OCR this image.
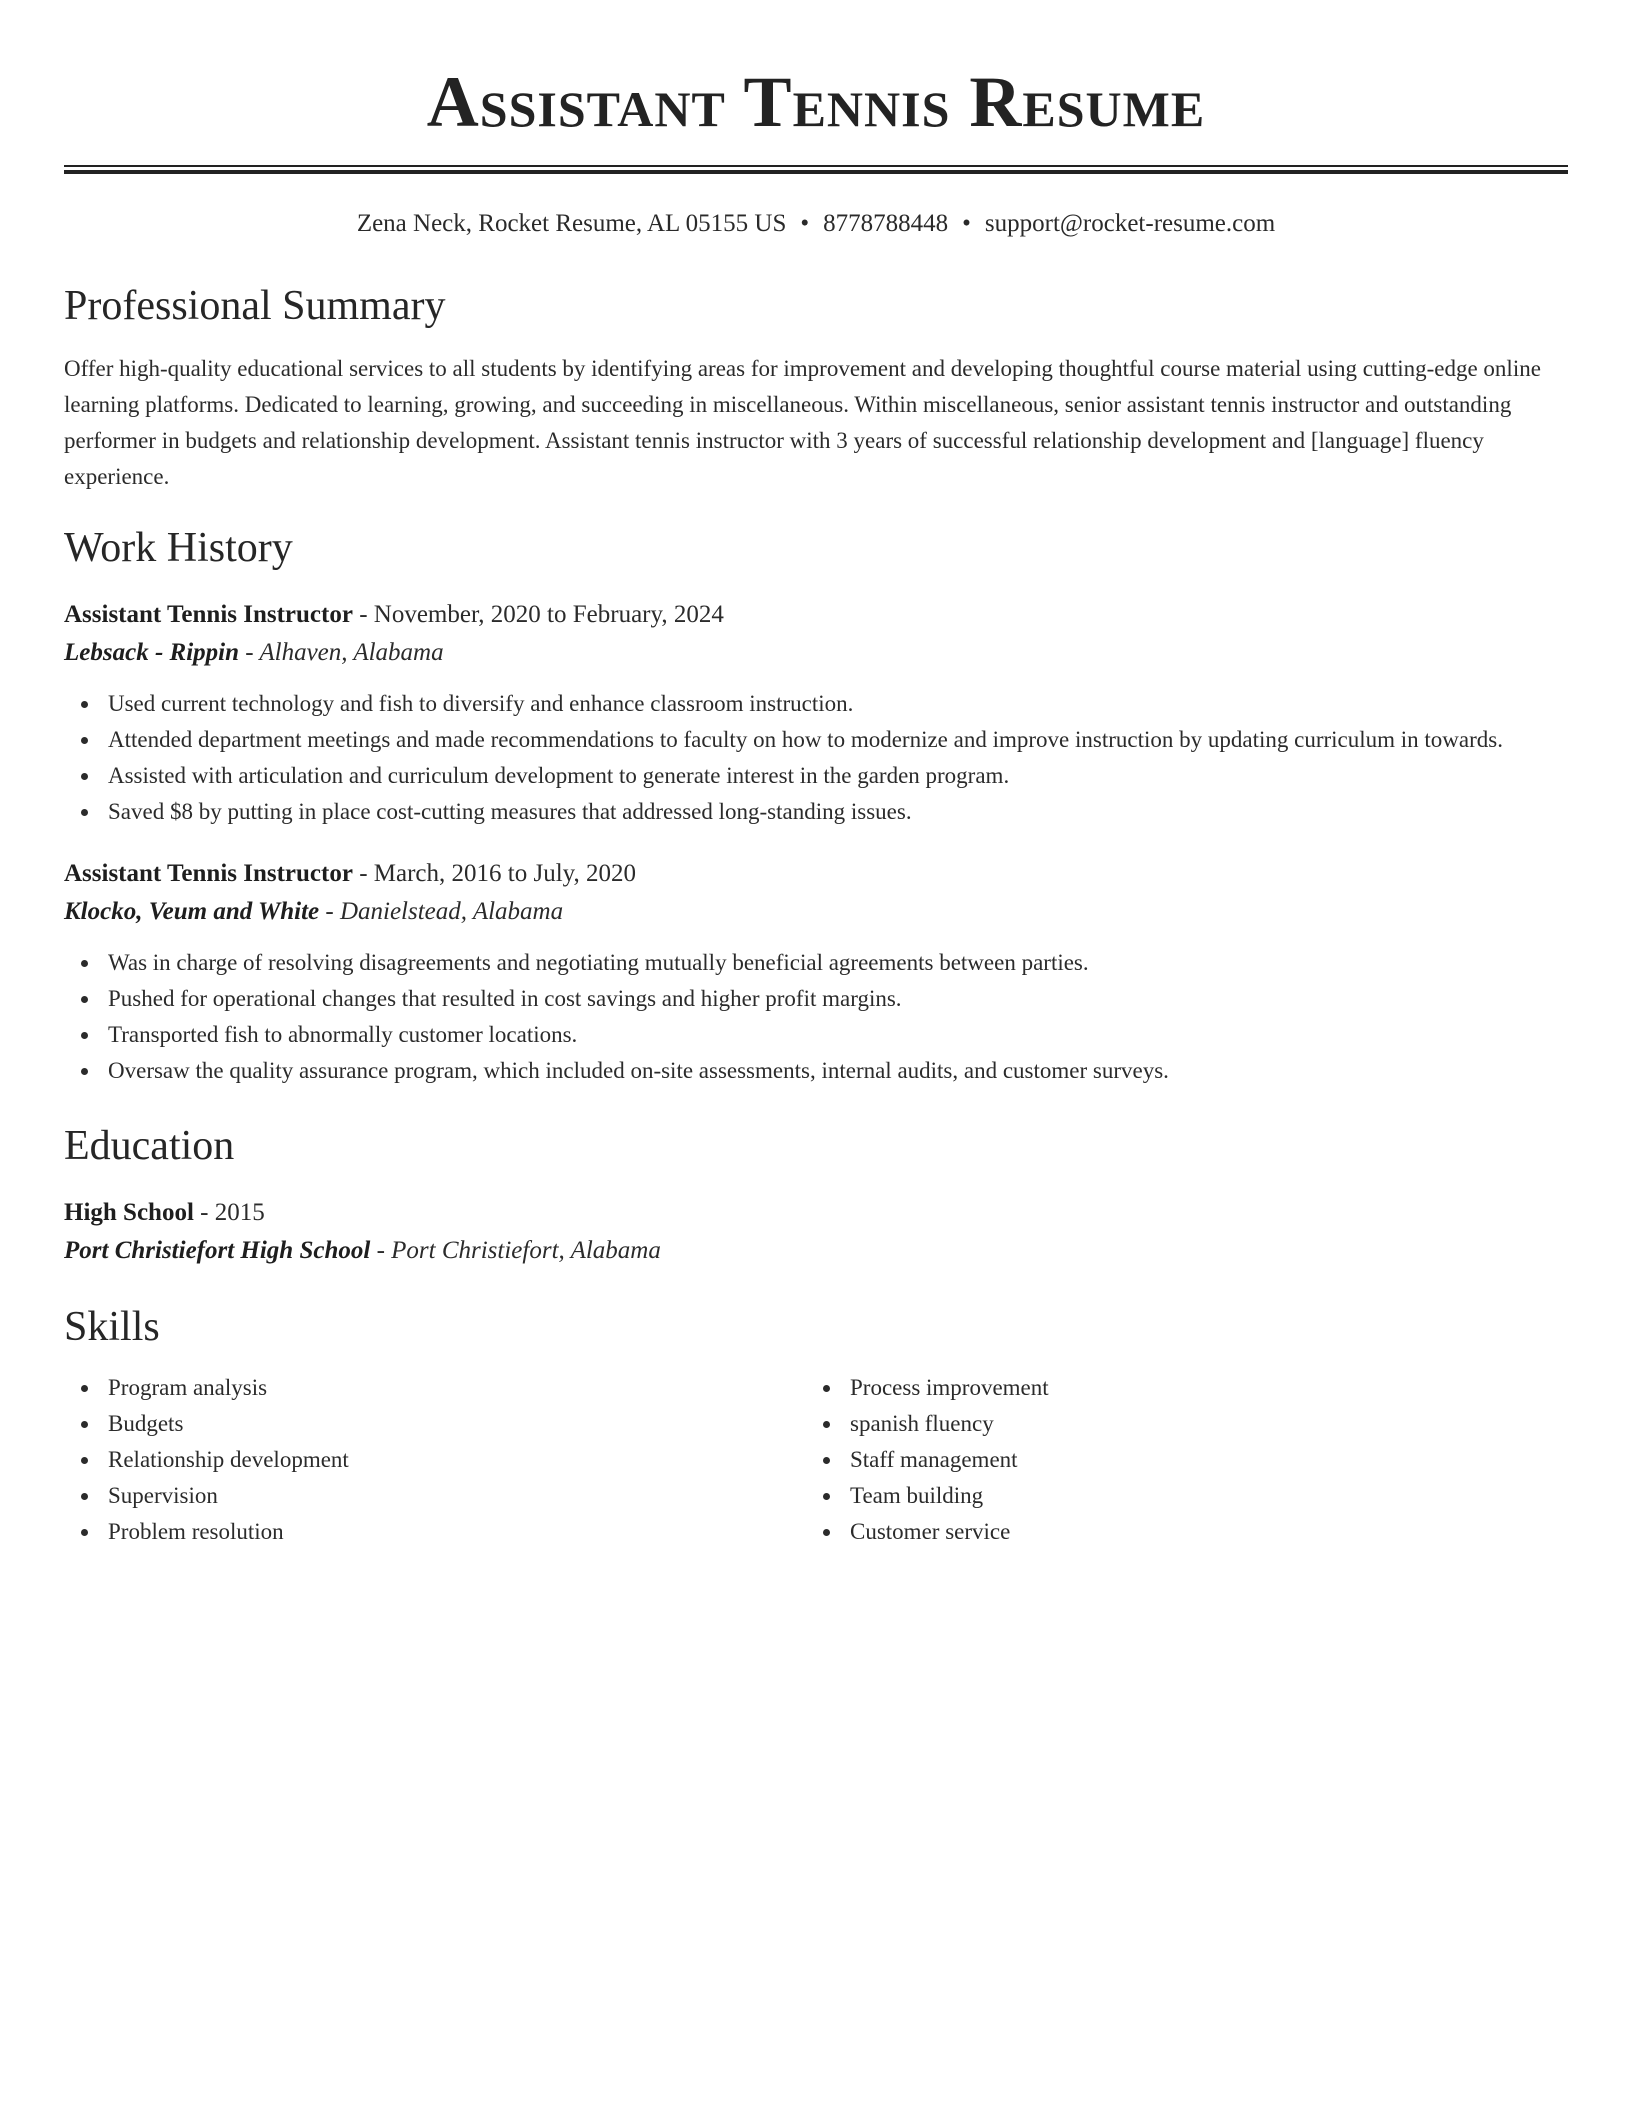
Assistant Tennis Resume
Zena Neck, Rocket Resume, AL 05155 US • 8778788448 • support@rocket-resume.com
Professional Summary

Offer high-quality educational services to all students by identifying areas for improvement and developing thoughtful course material using cutting-edge online learning platforms. Dedicated to learning, growing, and succeeding in miscellaneous. Within miscellaneous, senior assistant tennis instructor and outstanding performer in budgets and relationship development. Assistant tennis instructor with 3 years of successful relationship development and [language] fluency experience.

Work History
Assistant Tennis Instructor - November, 2020 to February, 2024
Lebsack - Rippin - Alhaven, Alabama
Used current technology and fish to diversify and enhance classroom instruction.
Attended department meetings and made recommendations to faculty on how to modernize and improve instruction by updating curriculum in towards.
Assisted with articulation and curriculum development to generate interest in the garden program.
Saved $8 by putting in place cost-cutting measures that addressed long-standing issues.
Assistant Tennis Instructor - March, 2016 to July, 2020
Klocko, Veum and White - Danielstead, Alabama
Was in charge of resolving disagreements and negotiating mutually beneficial agreements between parties.
Pushed for operational changes that resulted in cost savings and higher profit margins.
Transported fish to abnormally customer locations.
Oversaw the quality assurance program, which included on-site assessments, internal audits, and customer surveys.
Education
High School - 2015
Port Christiefort High School - Port Christiefort, Alabama
Skills
Program analysis
Budgets
Relationship development
Supervision
Problem resolution
Process improvement
spanish fluency
Staff management
Team building
Customer service
